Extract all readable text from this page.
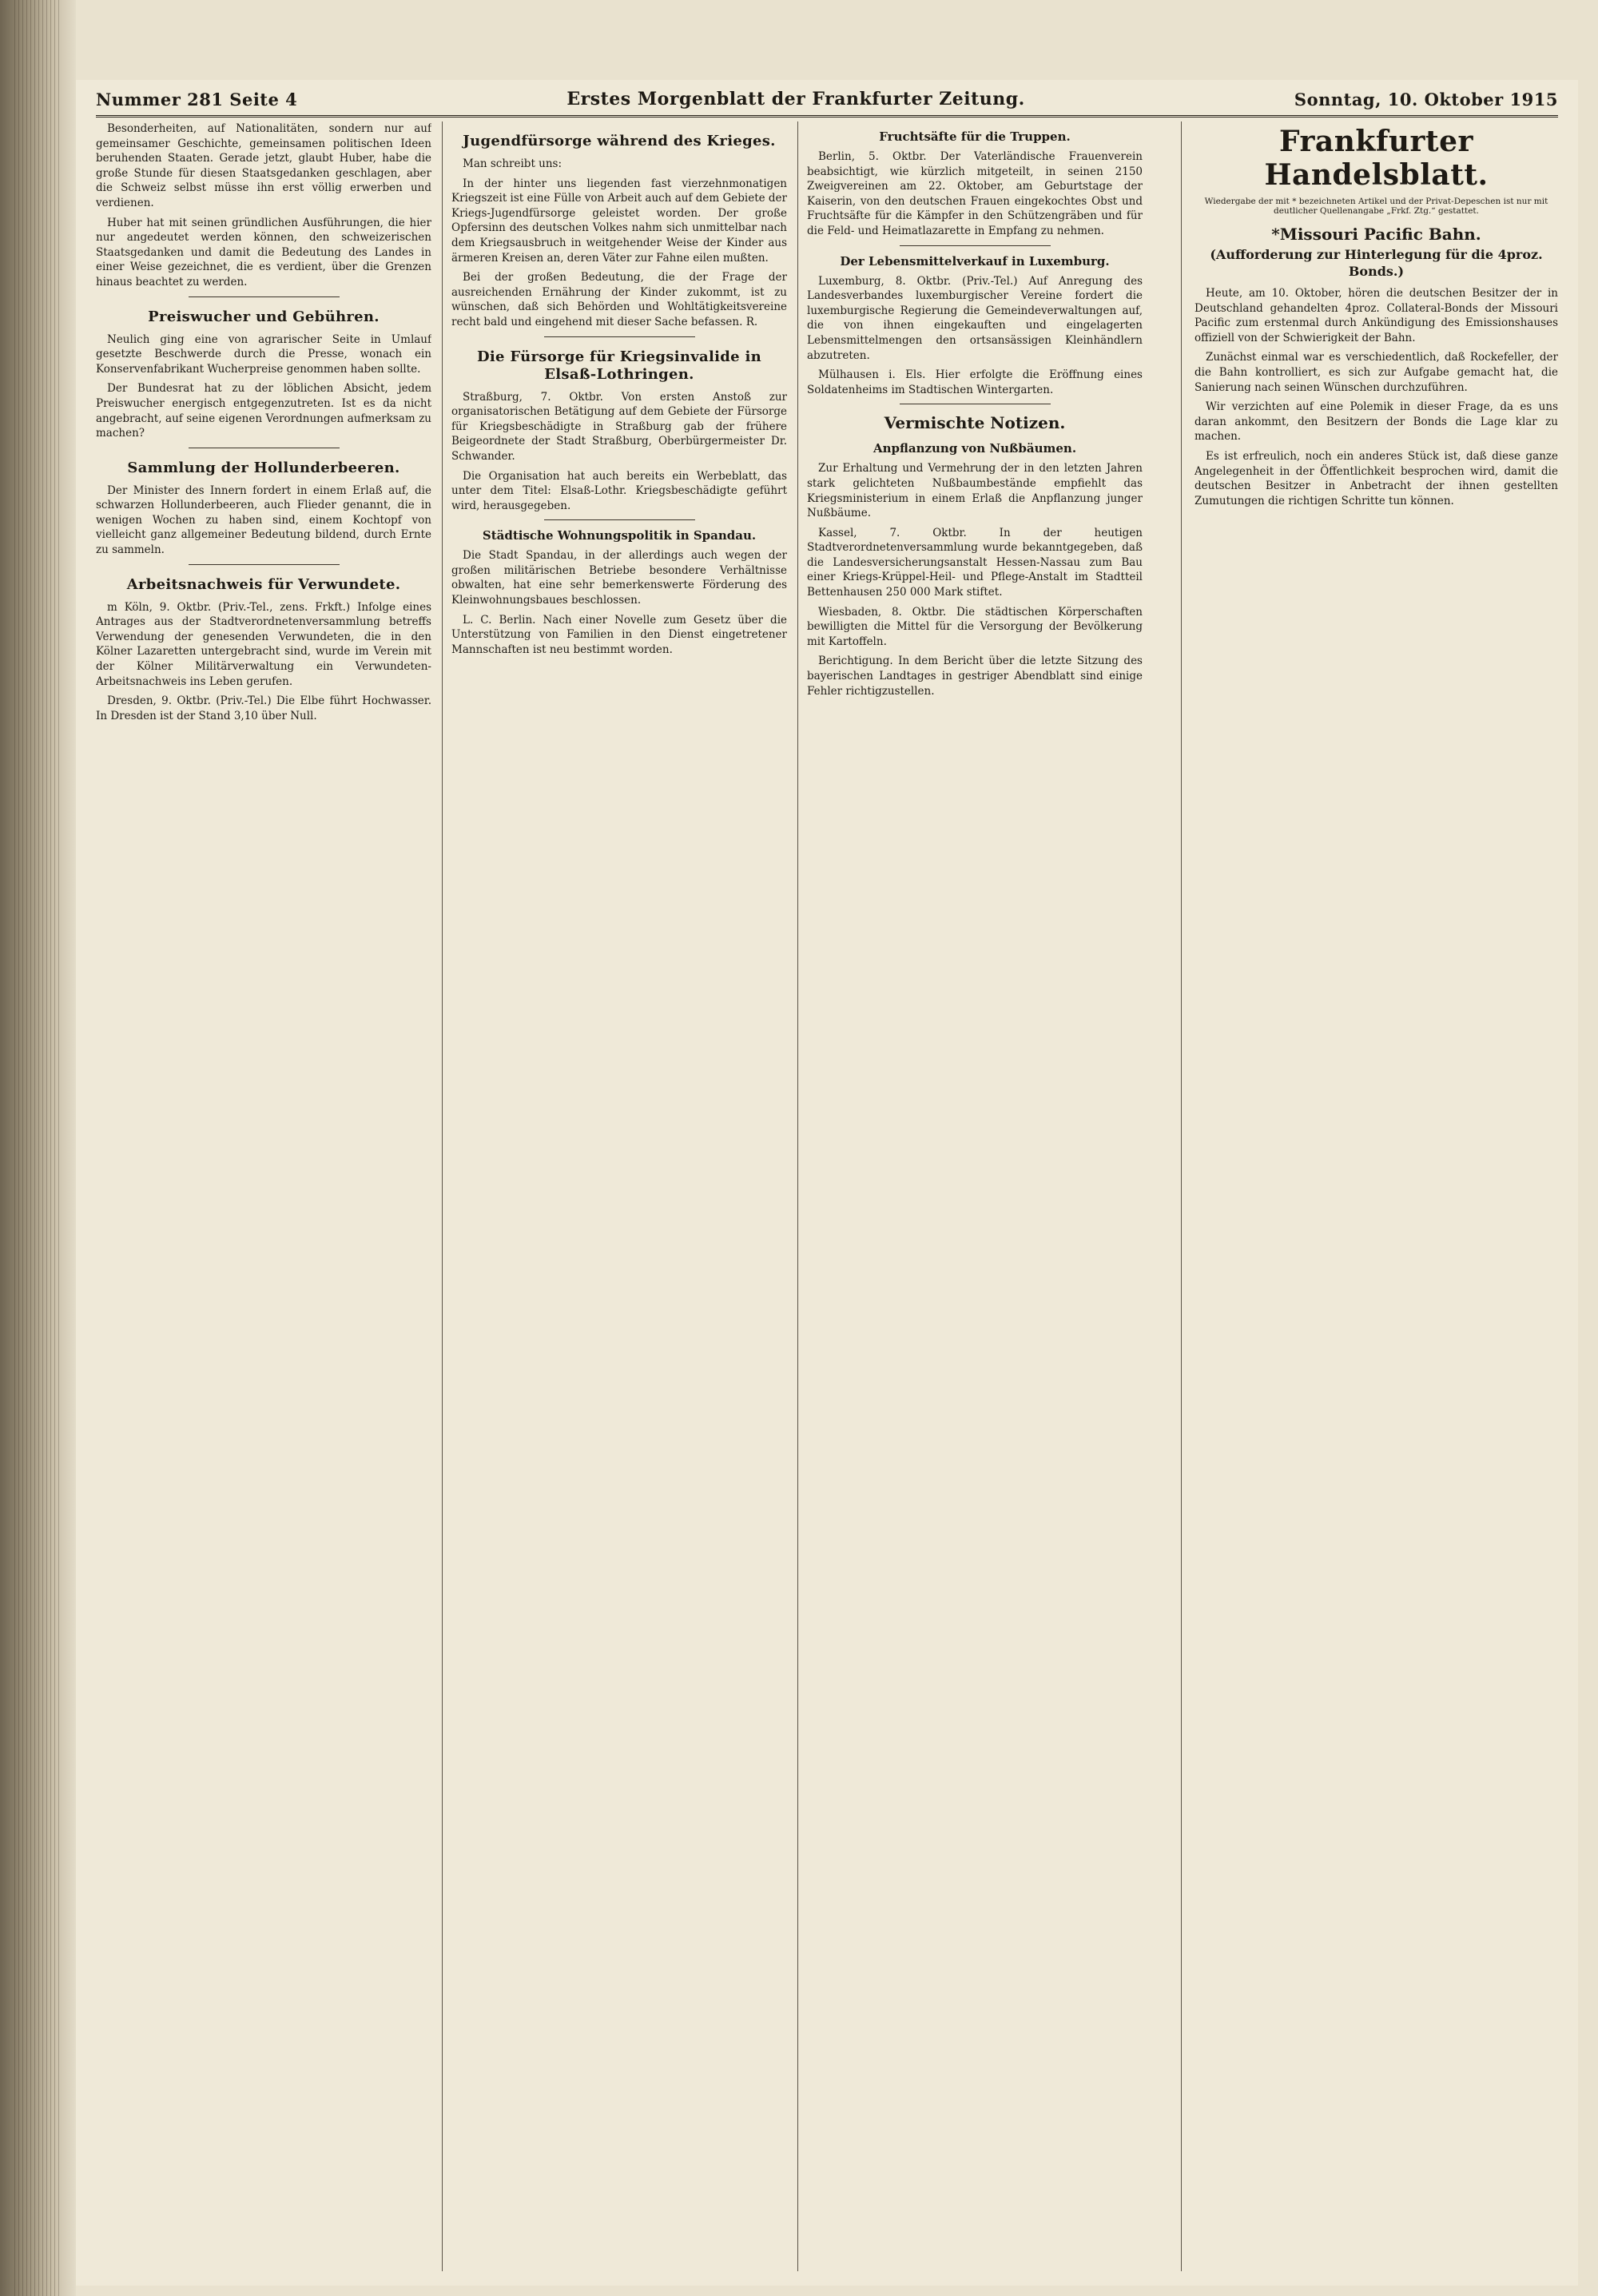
Nummer 281 Seite 4	Erstes Morgenblatt der Frankfurter Zeitung.	Sonntag, 10. Oktober 1915

Besonderheiten, auf Nationalitäten, sondern nur auf gemeinsamer Geschichte, gemeinsamen politischen Ideen beruhenden Staaten. Gerade jetzt, glaubt Huber, habe die große Stunde für diesen Staatsgedanken geschlagen, aber die Schweiz selbst müsse ihn erst völlig erwerben und verdienen.

Huber hat mit seinen gründlichen Ausführungen, die hier nur angedeutet werden können, den schweizerischen Staatsgedanken und damit die Bedeutung des Landes in einer Weise gezeichnet, die es verdient, über die Grenzen hinaus beachtet zu werden.

Preiswucher und Gebühren.

Neulich ging eine von agrarischer Seite in Umlauf gesetzte Beschwerde durch die Presse, wonach ein Konservenfabrikant Wucherpreise genommen haben sollte.

Der Bundesrat hat zu der löblichen Absicht, jedem Preiswucher energisch entgegenzutreten. Ist es da nicht angebracht, auf seine eigenen Verordnungen aufmerksam zu machen?

Sammlung der Hollunderbeeren.

Der Minister des Innern fordert in einem Erlaß auf, die schwarzen Hollunderbeeren, auch Flieder genannt, die in wenigen Wochen zu haben sind, einem Kochtopf von vielleicht ganz allgemeiner Bedeutung bildend, durch Ernte zu sammeln.

Arbeitsnachweis für Verwundete.

m Köln, 9. Oktbr. (Priv.-Tel., zens. Frkft.) Infolge eines Antrages aus der Stadtverordnetenversammlung betreffs Verwendung der genesenden Verwundeten, die in den Kölner Lazaretten untergebracht sind, wurde im Verein mit der Kölner Militärverwaltung ein Verwundeten-Arbeitsnachweis ins Leben gerufen.

Dresden, 9. Oktbr. (Priv.-Tel.) Die Elbe führt Hochwasser. In Dresden ist der Stand 3,10 über Null.

Jugendfürsorge während des Krieges.

Man schreibt uns:

In der hinter uns liegenden fast vierzehnmonatigen Kriegszeit ist eine Fülle von Arbeit auch auf dem Gebiete der Kriegs-Jugendfürsorge geleistet worden. Der große Opfersinn des deutschen Volkes nahm sich unmittelbar nach dem Kriegsausbruch in weitgehender Weise der Kinder aus ärmeren Kreisen an, deren Väter zur Fahne eilen mußten.

Bei der großen Bedeutung, die der Frage der ausreichenden Ernährung der Kinder zukommt, ist zu wünschen, daß sich Behörden und Wohltätigkeitsvereine recht bald und eingehend mit dieser Sache befassen. R.

Die Fürsorge für Kriegsinvalide in Elsaß-Lothringen.

Straßburg, 7. Oktbr. Von ersten Anstoß zur organisatorischen Betätigung auf dem Gebiete der Fürsorge für Kriegsbeschädigte in Straßburg gab der frühere Beigeordnete der Stadt Straßburg, Oberbürgermeister Dr. Schwander.

Die Organisation hat auch bereits ein Werbeblatt, das unter dem Titel: Elsaß-Lothr. Kriegsbeschädigte geführt wird, herausgegeben.

Städtische Wohnungspolitik in Spandau.

Die Stadt Spandau, in der allerdings auch wegen der großen militärischen Betriebe besondere Verhältnisse obwalten, hat eine sehr bemerkenswerte Förderung des Kleinwohnungsbaues beschlossen.

L. C. Berlin. Nach einer Novelle zum Gesetz über die Unterstützung von Familien in den Dienst eingetretener Mannschaften ist neu bestimmt worden.

Fruchtsäfte für die Truppen.

Berlin, 5. Oktbr. Der Vaterländische Frauenverein beabsichtigt, wie kürzlich mitgeteilt, in seinen 2150 Zweigvereinen am 22. Oktober, am Geburtstage der Kaiserin, von den deutschen Frauen eingekochtes Obst und Fruchtsäfte für die Kämpfer in den Schützengräben und für die Feld- und Heimatlazarette in Empfang zu nehmen.

Der Lebensmittelverkauf in Luxemburg.

Luxemburg, 8. Oktbr. (Priv.-Tel.) Auf Anregung des Landesverbandes luxemburgischer Vereine fordert die luxemburgische Regierung die Gemeindeverwaltungen auf, die von ihnen eingekauften und eingelagerten Lebensmittelmengen den ortsansässigen Kleinhändlern abzutreten.

Mülhausen i. Els. Hier erfolgte die Eröffnung eines Soldatenheims im Stadtischen Wintergarten.

Vermischte Notizen.
Anpflanzung von Nußbäumen.

Zur Erhaltung und Vermehrung der in den letzten Jahren stark gelichteten Nußbaumbestände empfiehlt das Kriegsministerium in einem Erlaß die Anpflanzung junger Nußbäume.

Kassel, 7. Oktbr. In der heutigen Stadtverordnetenversammlung wurde bekanntgegeben, daß die Landesversicherungsanstalt Hessen-Nassau zum Bau einer Kriegs-Krüppel-Heil- und Pflege-Anstalt im Stadtteil Bettenhausen 250 000 Mark stiftet.

Wiesbaden, 8. Oktbr. Die städtischen Körperschaften bewilligten die Mittel für die Versorgung der Bevölkerung mit Kartoffeln.

Berichtigung. In dem Bericht über die letzte Sitzung des bayerischen Landtages in gestriger Abendblatt sind einige Fehler richtigzustellen.

Frankfurter Handelsblatt.
Wiedergabe der mit * bezeichneten Artikel und der Privat-Depeschen ist nur mit deutlicher Quellenangabe „Frkf. Ztg.“ gestattet.
*Missouri Pacific Bahn.
(Aufforderung zur Hinterlegung für die 4proz. Bonds.)

Heute, am 10. Oktober, hören die deutschen Besitzer der in Deutschland gehandelten 4proz. Collateral-Bonds der Missouri Pacific zum erstenmal durch Ankündigung des Emissionshauses offiziell von der Schwierigkeit der Bahn.

Zunächst einmal war es verschiedentlich, daß Rockefeller, der die Bahn kontrolliert, es sich zur Aufgabe gemacht hat, die Sanierung nach seinen Wünschen durchzuführen.

Wir verzichten auf eine Polemik in dieser Frage, da es uns daran ankommt, den Besitzern der Bonds die Lage klar zu machen.

Es ist erfreulich, noch ein anderes Stück ist, daß diese ganze Angelegenheit in der Öffentlichkeit besprochen wird, damit die deutschen Besitzer in Anbetracht der ihnen gestellten Zumutungen die richtigen Schritte tun können.
